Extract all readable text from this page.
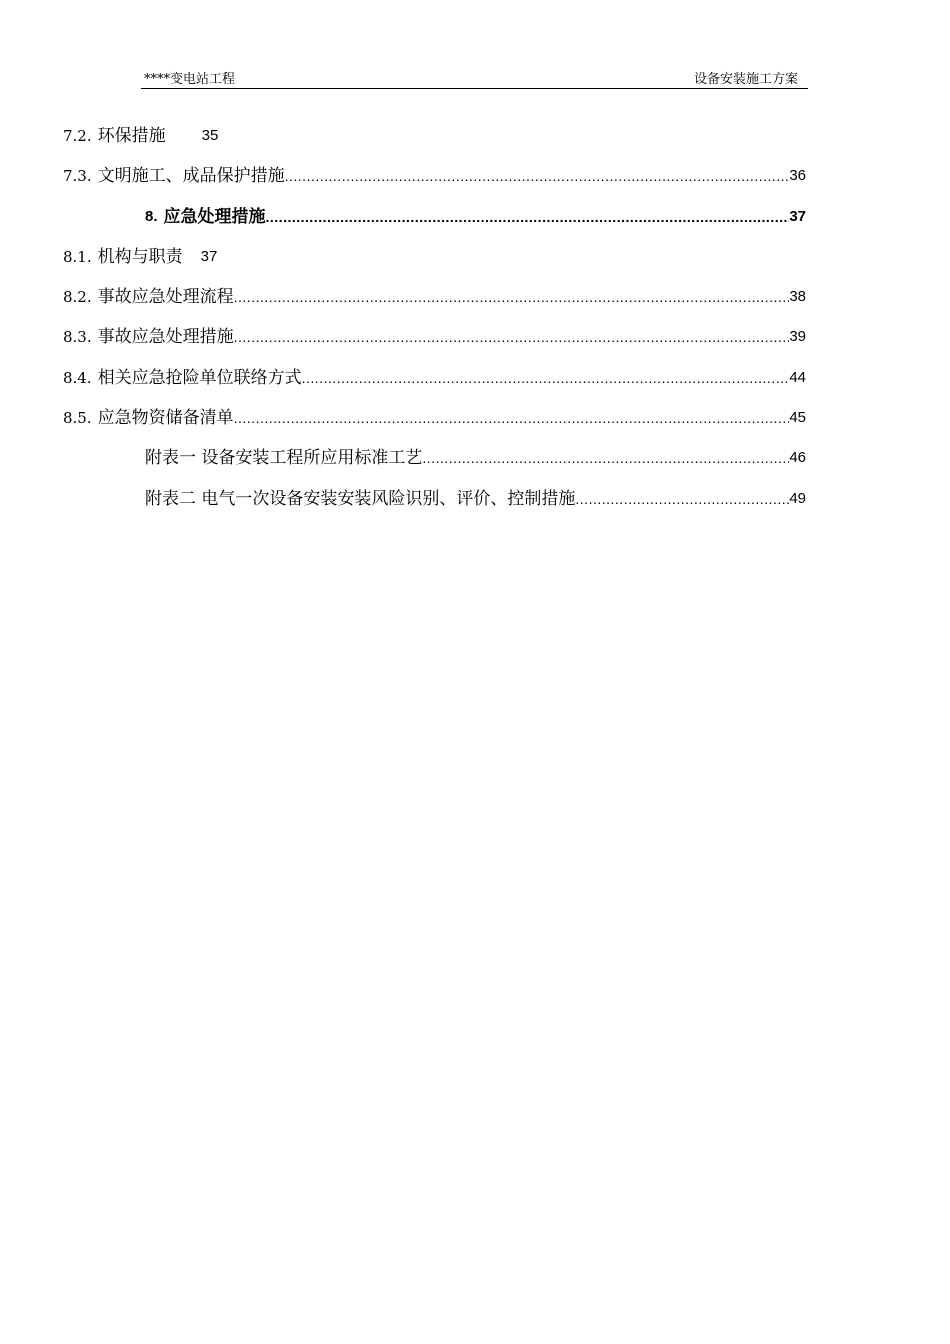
****变电站工程	设备安装施工方案
7.2. 环保措施 35
7.3. 文明施工、成品保护措施 .....	36
8. 应急处理措施 .....	37
8.1. 机构与职责 37
8.2. 事故应急处理流程 .....	38
8.3. 事故应急处理措施 .....	39
8.4. 相关应急抢险单位联络方式 .....	44
8.5. 应急物资储备清单 .....	45
附表一 设备安装工程所应用标准工艺 .....	46
附表二 电气一次设备安装安装风险识别、评价、控制措施 .....	49
